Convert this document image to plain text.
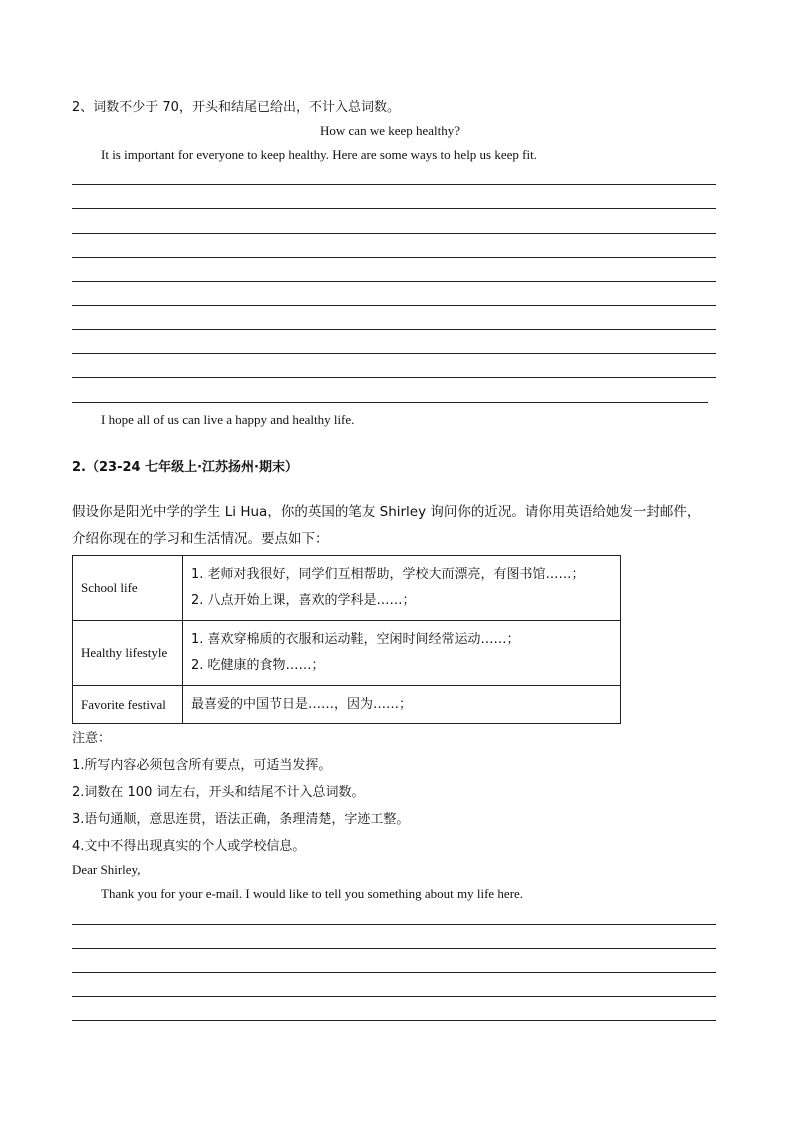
2、词数不少于 70，开头和结尾已给出，不计入总词数。
How can we keep healthy?
It is important for everyone to keep healthy. Here are some ways to help us keep fit.
I hope all of us can live a happy and healthy life.
2.（23-24 七年级上·江苏扬州·期末）
假设你是阳光中学的学生 Li Hua，你的英国的笔友 Shirley 询问你的近况。请你用英语给她发一封邮件，
介绍你现在的学习和生活情况。要点如下：
School life	1. 老师对我很好，同学们互相帮助，学校大而漂亮，有图书馆……；
2. 八点开始上课，喜欢的学科是……；

Healthy lifestyle	1. 喜欢穿棉质的衣服和运动鞋，空闲时间经常运动……；
2. 吃健康的食物……；

Favorite festival	最喜爱的中国节日是……，因为……；
注意：
1.所写内容必须包含所有要点，可适当发挥。
2.词数在 100 词左右，开头和结尾不计入总词数。
3.语句通顺，意思连贯，语法正确，条理清楚，字迹工整。
4.文中不得出现真实的个人或学校信息。
Dear Shirley,
Thank you for your e-mail. I would like to tell you something about my life here.
